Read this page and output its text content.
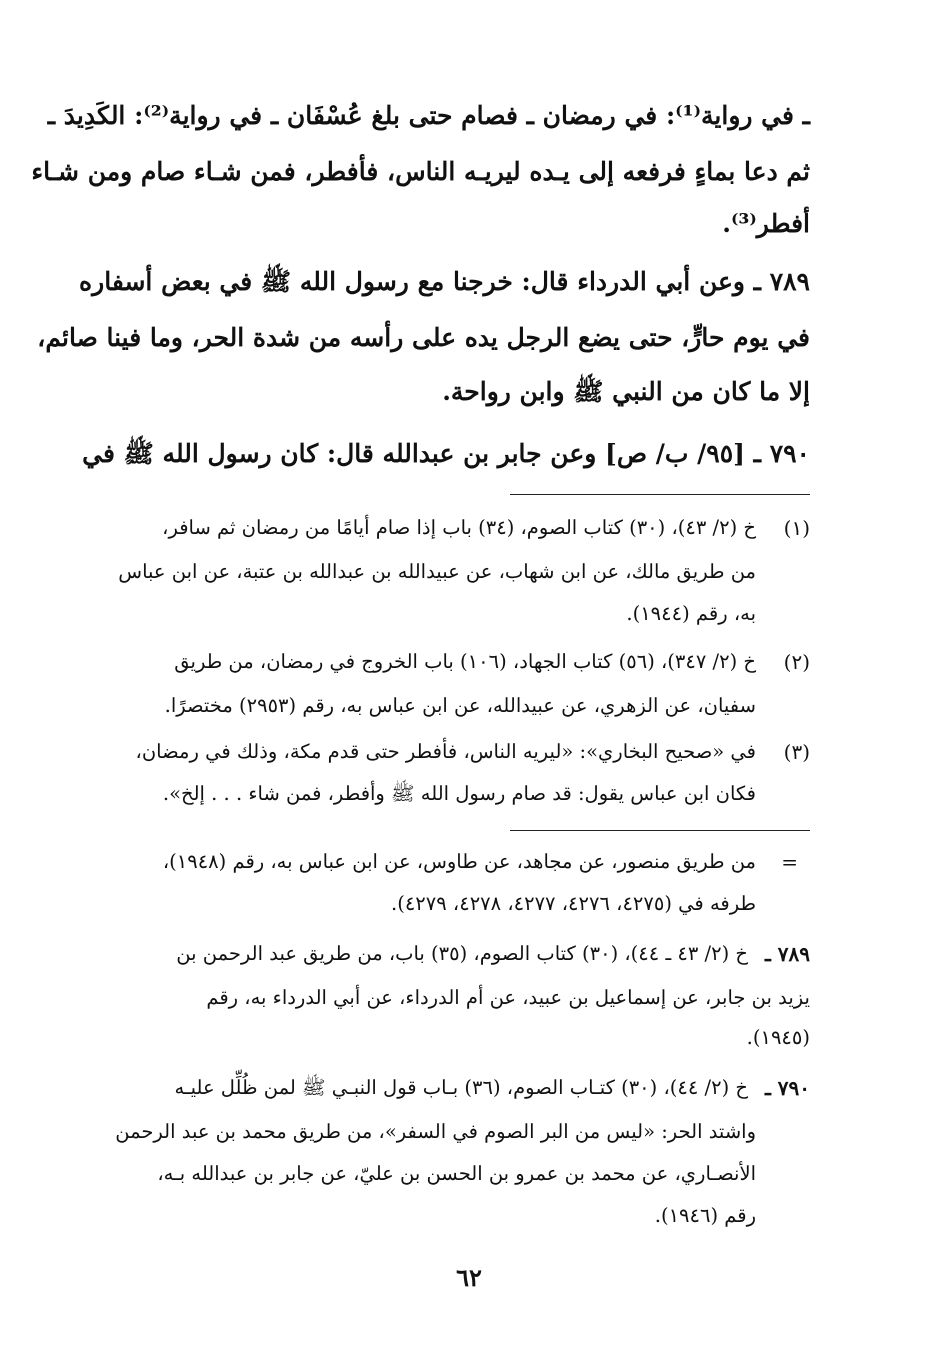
ـ في رواية⁽¹⁾: في رمضان ـ فصام حتى بلغ عُسْفَان ـ في رواية⁽²⁾: الكَدِيدَ ـ
ثم دعا بماءٍ فرفعه إلى يـده ليريـه الناس، فأفطر، فمن شـاء صام ومن شـاء
أفطر⁽³⁾.
٧٨٩ ـ وعن أبي الدرداء قال: خرجنا مع رسول الله ﷺ في بعض أسفاره
في يوم حارٍّ، حتى يضع الرجل يده على رأسه من شدة الحر، وما فينا صائم،
إلا ما كان من النبي ﷺ وابن رواحة.
٧٩٠ ـ [٩٥/ ب/ ص] وعن جابر بن عبدالله قال: كان رسول الله ﷺ في
(١)
خ (٢/ ٤٣)، (٣٠) كتاب الصوم، (٣٤) باب إذا صام أيامًا من رمضان ثم سافر،
من طريق مالك، عن ابن شهاب، عن عبيدالله بن عبدالله بن عتبة، عن ابن عباس
به، رقم (١٩٤٤).
(٢)
خ (٢/ ٣٤٧)، (٥٦) كتاب الجهاد، (١٠٦) باب الخروج في رمضان، من طريق
سفيان، عن الزهري، عن عبيدالله، عن ابن عباس به، رقم (٢٩٥٣) مختصرًا.
(٣)
في «صحيح البخاري»: «ليريه الناس، فأفطر حتى قدم مكة، وذلك في رمضان،
فكان ابن عباس يقول: قد صام رسول الله ﷺ وأفطر، فمن شاء . . . إلخ».
=
من طريق منصور، عن مجاهد، عن طاوس، عن ابن عباس به، رقم (١٩٤٨)،
طرفه في (٤٢٧٥، ٤٢٧٦، ٤٢٧٧، ٤٢٧٨، ٤٢٧٩).
٧٨٩ ـ
خ (٢/ ٤٣ ـ ٤٤)، (٣٠) كتاب الصوم، (٣٥) باب، من طريق عبد الرحمن بن
يزيد بن جابر، عن إسماعيل بن عبيد، عن أم الدرداء، عن أبي الدرداء به، رقم
(١٩٤٥).
٧٩٠ ـ
خ (٢/ ٤٤)، (٣٠) كتـاب الصوم، (٣٦) بـاب قول النبـي ﷺ لمن ظُلِّل عليـه
واشتد الحر: «ليس من البر الصوم في السفر»، من طريق محمد بن عبد الرحمن
الأنصـاري، عن محمد بن عمرو بن الحسن بن عليّ، عن جابر بن عبدالله بـه،
رقم (١٩٤٦).
٦٢
